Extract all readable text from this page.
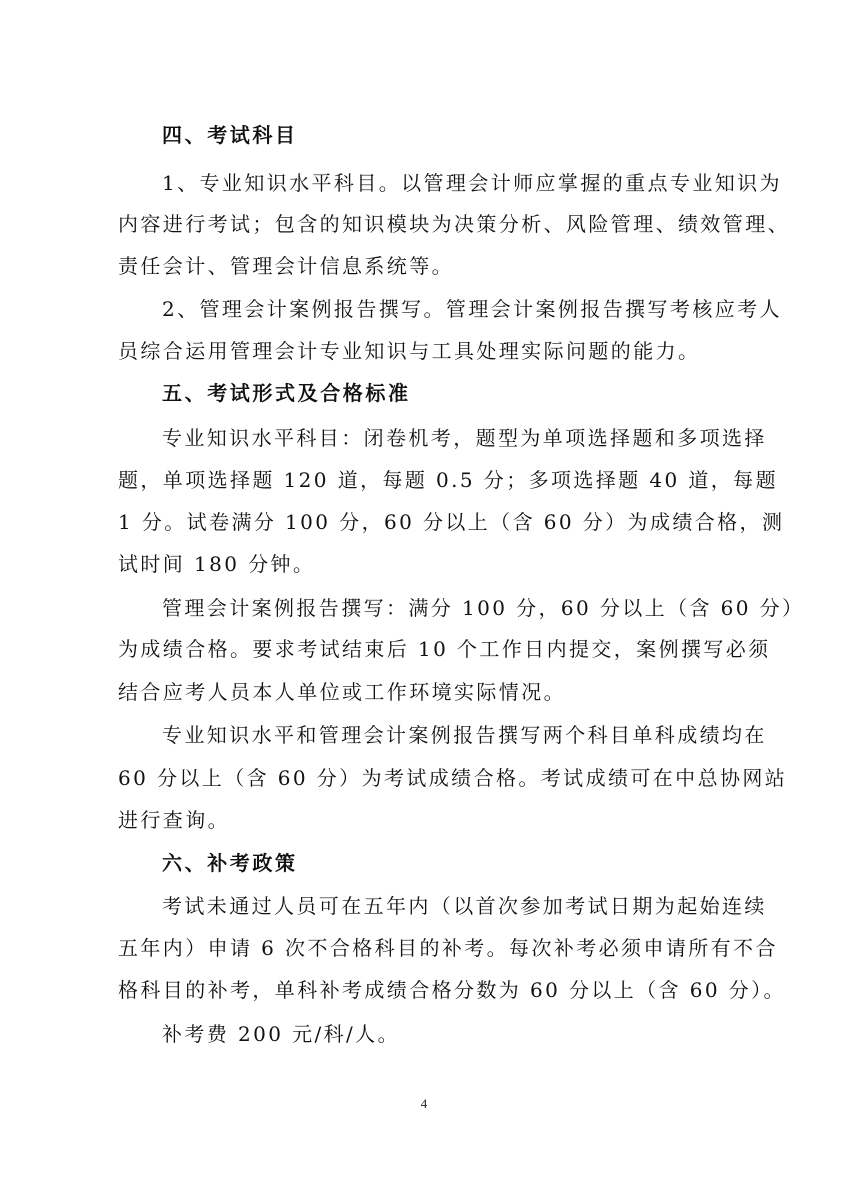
四、考试科目

1、专业知识水平科目。以管理会计师应掌握的重点专业知识为

内容进行考试；包含的知识模块为决策分析、风险管理、绩效管理、

责任会计、管理会计信息系统等。

2、管理会计案例报告撰写。管理会计案例报告撰写考核应考人

员综合运用管理会计专业知识与工具处理实际问题的能力。

五、考试形式及合格标准

专业知识水平科目：闭卷机考，题型为单项选择题和多项选择

题，单项选择题 120 道，每题 0.5 分；多项选择题 40 道，每题

1 分。试卷满分 100 分，60 分以上（含 60 分）为成绩合格，测

试时间 180 分钟。

管理会计案例报告撰写：满分 100 分，60 分以上（含 60 分）

为成绩合格。要求考试结束后 10 个工作日内提交，案例撰写必须

结合应考人员本人单位或工作环境实际情况。

专业知识水平和管理会计案例报告撰写两个科目单科成绩均在

60 分以上（含 60 分）为考试成绩合格。考试成绩可在中总协网站

进行查询。

六、补考政策

考试未通过人员可在五年内（以首次参加考试日期为起始连续

五年内）申请 6 次不合格科目的补考。每次补考必须申请所有不合

格科目的补考，单科补考成绩合格分数为 60 分以上（含 60 分）。

补考费 200 元/科/人。

4
